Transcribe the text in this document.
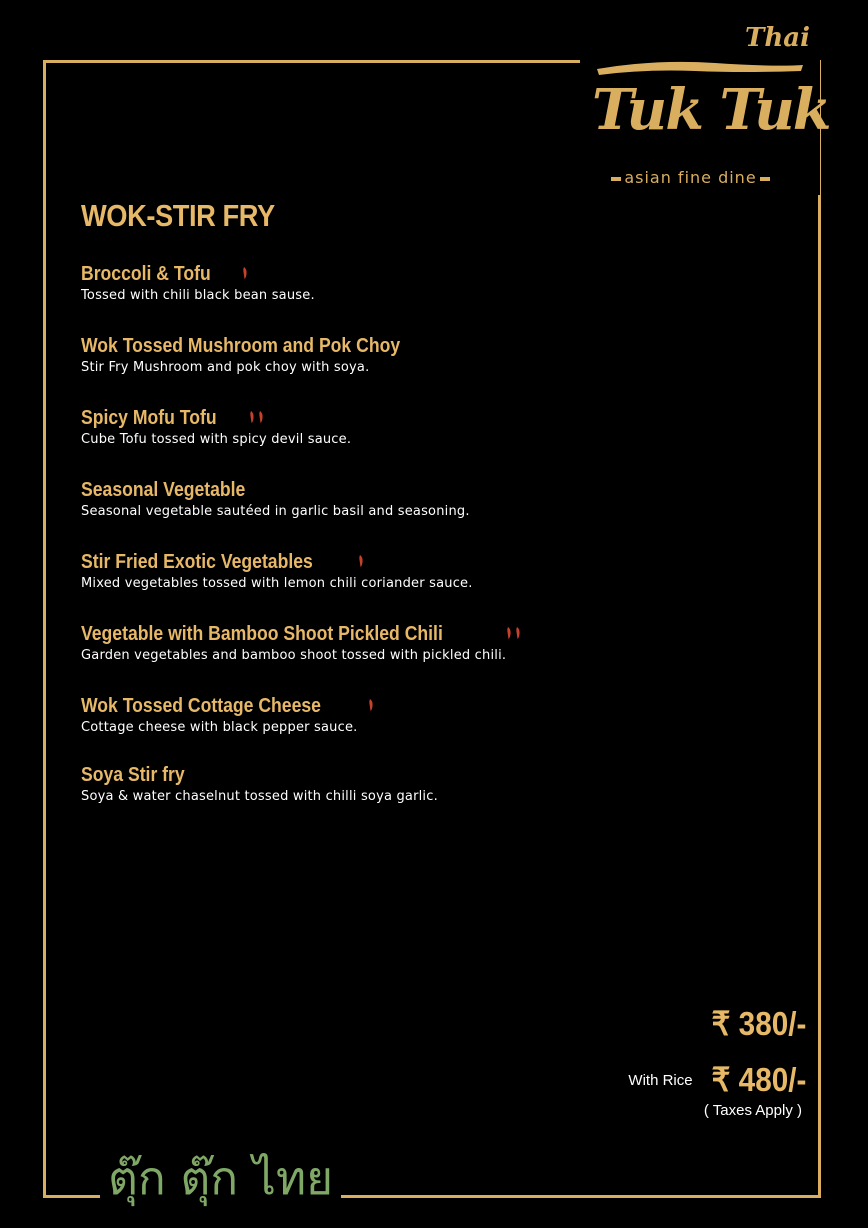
Thai
Tuk Tuk
asian fine dine
WOK-STIR FRY
Broccoli & Tofu
Tossed with chili black bean sause.
Wok Tossed Mushroom and Pok Choy
Stir Fry Mushroom and pok choy with soya.
Spicy Mofu Tofu
Cube Tofu tossed with spicy devil sauce.
Seasonal Vegetable
Seasonal vegetable sautéed in garlic basil and seasoning.
Stir Fried Exotic Vegetables
Mixed vegetables tossed with lemon chili coriander sauce.
Vegetable with Bamboo Shoot Pickled Chili
Garden vegetables and bamboo shoot tossed with pickled chili.
Wok Tossed Cottage Cheese
Cottage cheese with black pepper sauce.
Soya Stir fry
Soya & water chaselnut tossed with chilli soya garlic.
₹ 380/-
With Rice ₹ 480/-
( Taxes Apply )
ตุ๊ก ตุ๊ก ไทย
